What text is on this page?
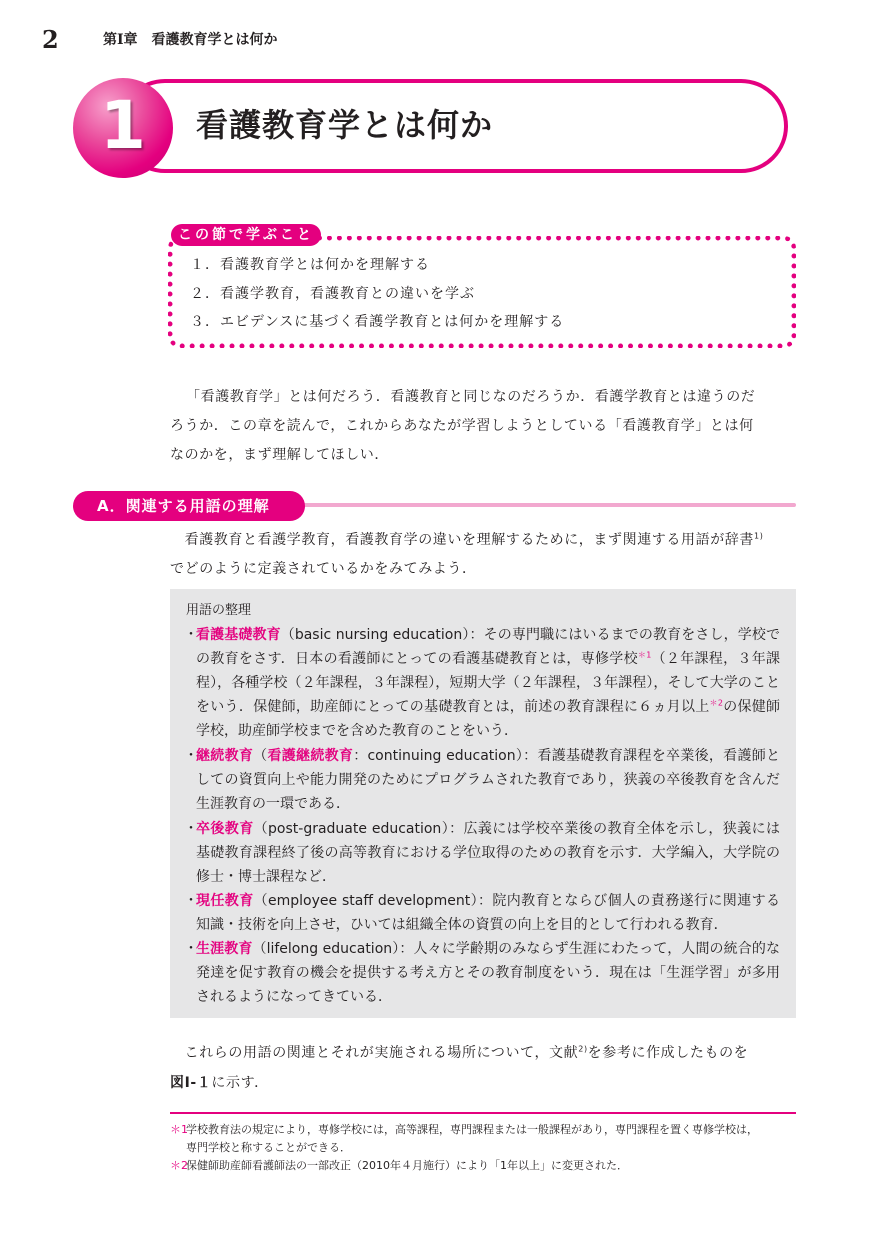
2	第Ⅰ章　看護教育学とは何か
1	看護教育学とは何か
この節で学ぶこと
１．看護教育学とは何かを理解する
２．看護学教育，看護教育との違いを学ぶ
３．エビデンスに基づく看護学教育とは何かを理解する
「看護教育学」とは何だろう．看護教育と同じなのだろうか．看護学教育とは違うのだ
ろうか．この章を読んで，これからあなたが学習しようとしている「看護教育学」とは何
なのかを，まず理解してほしい．
A．関連する用語の理解
　看護教育と看護学教育，看護教育学の違いを理解するために，まず関連する用語が辞書$^{1)}$
でどのように定義されているかをみてみよう．
用語の整理
・
看護基礎教育（basic nursing education）：その専門職にはいるまでの教育をさし，学校での教育をさす．日本の看護師にとっての看護基礎教育とは，専修学校$^{*1}$（２年課程，３年課程），各種学校（２年課程，３年課程），短期大学（２年課程，３年課程），そして大学のことをいう．保健師，助産師にとっての基礎教育とは，前述の教育課程に６ヵ月以上$^{*2}$の保健師学校，助産師学校までを含めた教育のことをいう．
・
継続教育（看護継続教育：continuing education）：看護基礎教育課程を卒業後，看護師としての資質向上や能力開発のためにプログラムされた教育であり，狭義の卒後教育を含んだ生涯教育の一環である．
・
卒後教育（post-graduate education）：広義には学校卒業後の教育全体を示し，狭義には基礎教育課程終了後の高等教育における学位取得のための教育を示す．大学編入，大学院の修士・博士課程など．
・
現任教育（employee staff development）：院内教育とならび個人の責務遂行に関連する知識・技術を向上させ，ひいては組織全体の資質の向上を目的として行われる教育．
・
生涯教育（lifelong education）：人々に学齢期のみならず生涯にわたって，人間の統合的な発達を促す教育の機会を提供する考え方とその教育制度をいう．現在は「生涯学習」が多用されるようになってきている．
　これらの用語の関連とそれが実施される場所について，文献$^{2)}$を参考に作成したものを
図Ⅰ-１に示す．
＊1
学校教育法の規定により，専修学校には，高等課程，専門課程または一般課程があり，専門課程を置く専修学校は，
専門学校と称することができる．
＊2
保健師助産師看護師法の一部改正（2010年４月施行）により「1年以上」に変更された．
